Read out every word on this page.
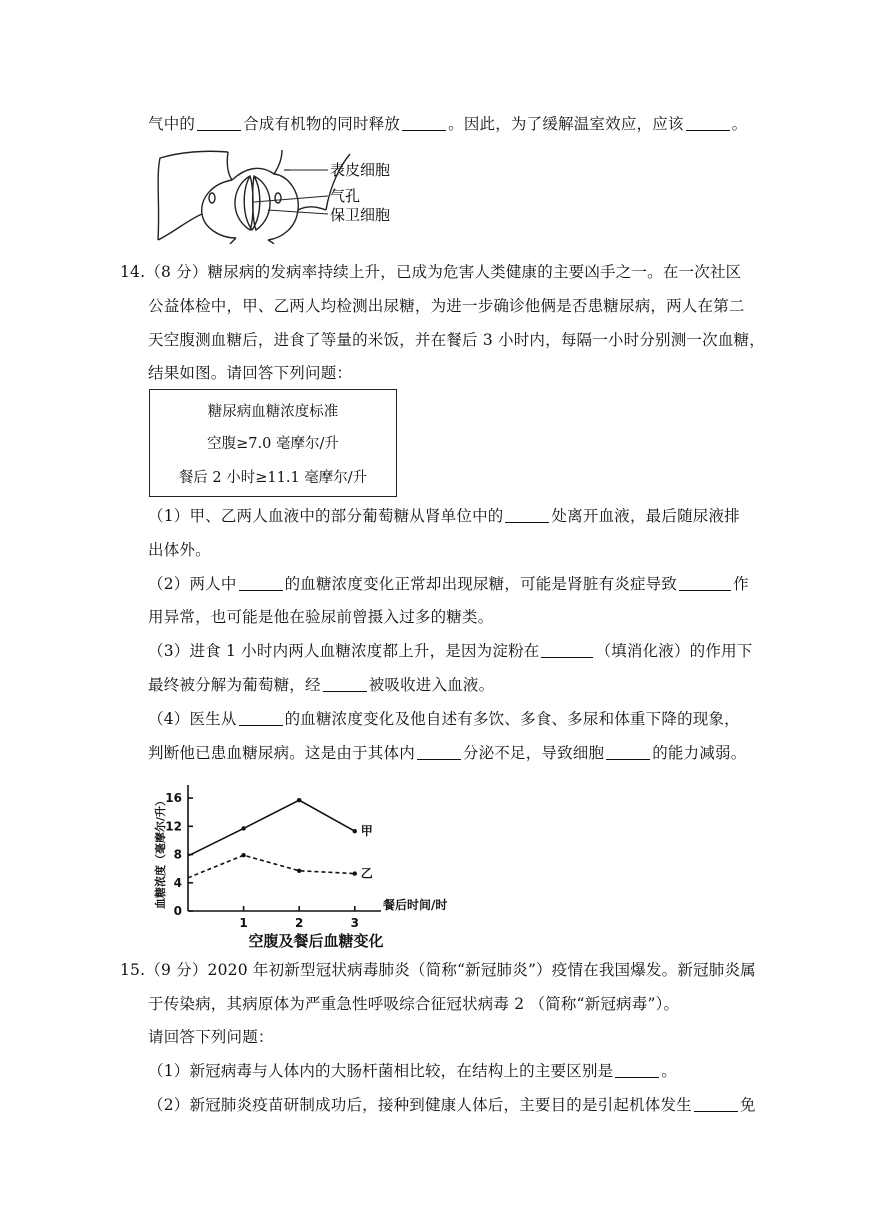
气中的	合成有机物的同时释放	。因此，为了缓解温室效应，应该	。
表皮细胞
气孔
保卫细胞
14.（8 分）糖尿病的发病率持续上升，已成为危害人类健康的主要凶手之一。在一次社区
公益体检中，甲、乙两人均检测出尿糖，为进一步确诊他俩是否患糖尿病，两人在第二
天空腹测血糖后，进食了等量的米饭，并在餐后 3 小时内，每隔一小时分别测一次血糖，
结果如图。请回答下列问题：
糖尿病血糖浓度标准
空腹≥7.0 毫摩尔/升
餐后 2 小时≥11.1 毫摩尔/升
（1）甲、乙两人血液中的部分葡萄糖从肾单位中的	处离开血液，最后随尿液排
出体外。
（2）两人中	的血糖浓度变化正常却出现尿糖，可能是肾脏有炎症导致	作
用异常，也可能是他在验尿前曾摄入过多的糖类。
（3）进食 1 小时内两人血糖浓度都上升，是因为淀粉在	（填消化液）的作用下
最终被分解为葡萄糖，经	被吸收进入血液。
（4）医生从	的血糖浓度变化及他自述有多饮、多食、多尿和体重下降的现象，
判断他已患血糖尿病。这是由于其体内	分泌不足，导致细胞	的能力减弱。
0
4
8
12
16
1	2	3
甲
乙
餐后时间/时
血糖浓度（毫摩尔/升）
空腹及餐后血糖变化
15.（9 分）2020 年初新型冠状病毒肺炎（简称“新冠肺炎”）疫情在我国爆发。新冠肺炎属
于传染病，其病原体为严重急性呼吸综合征冠状病毒 2 （简称“新冠病毒”）。
请回答下列问题：
（1）新冠病毒与人体内的大肠杆菌相比较，在结构上的主要区别是	。
（2）新冠肺炎疫苗研制成功后，接种到健康人体后，主要目的是引起机体发生	免
